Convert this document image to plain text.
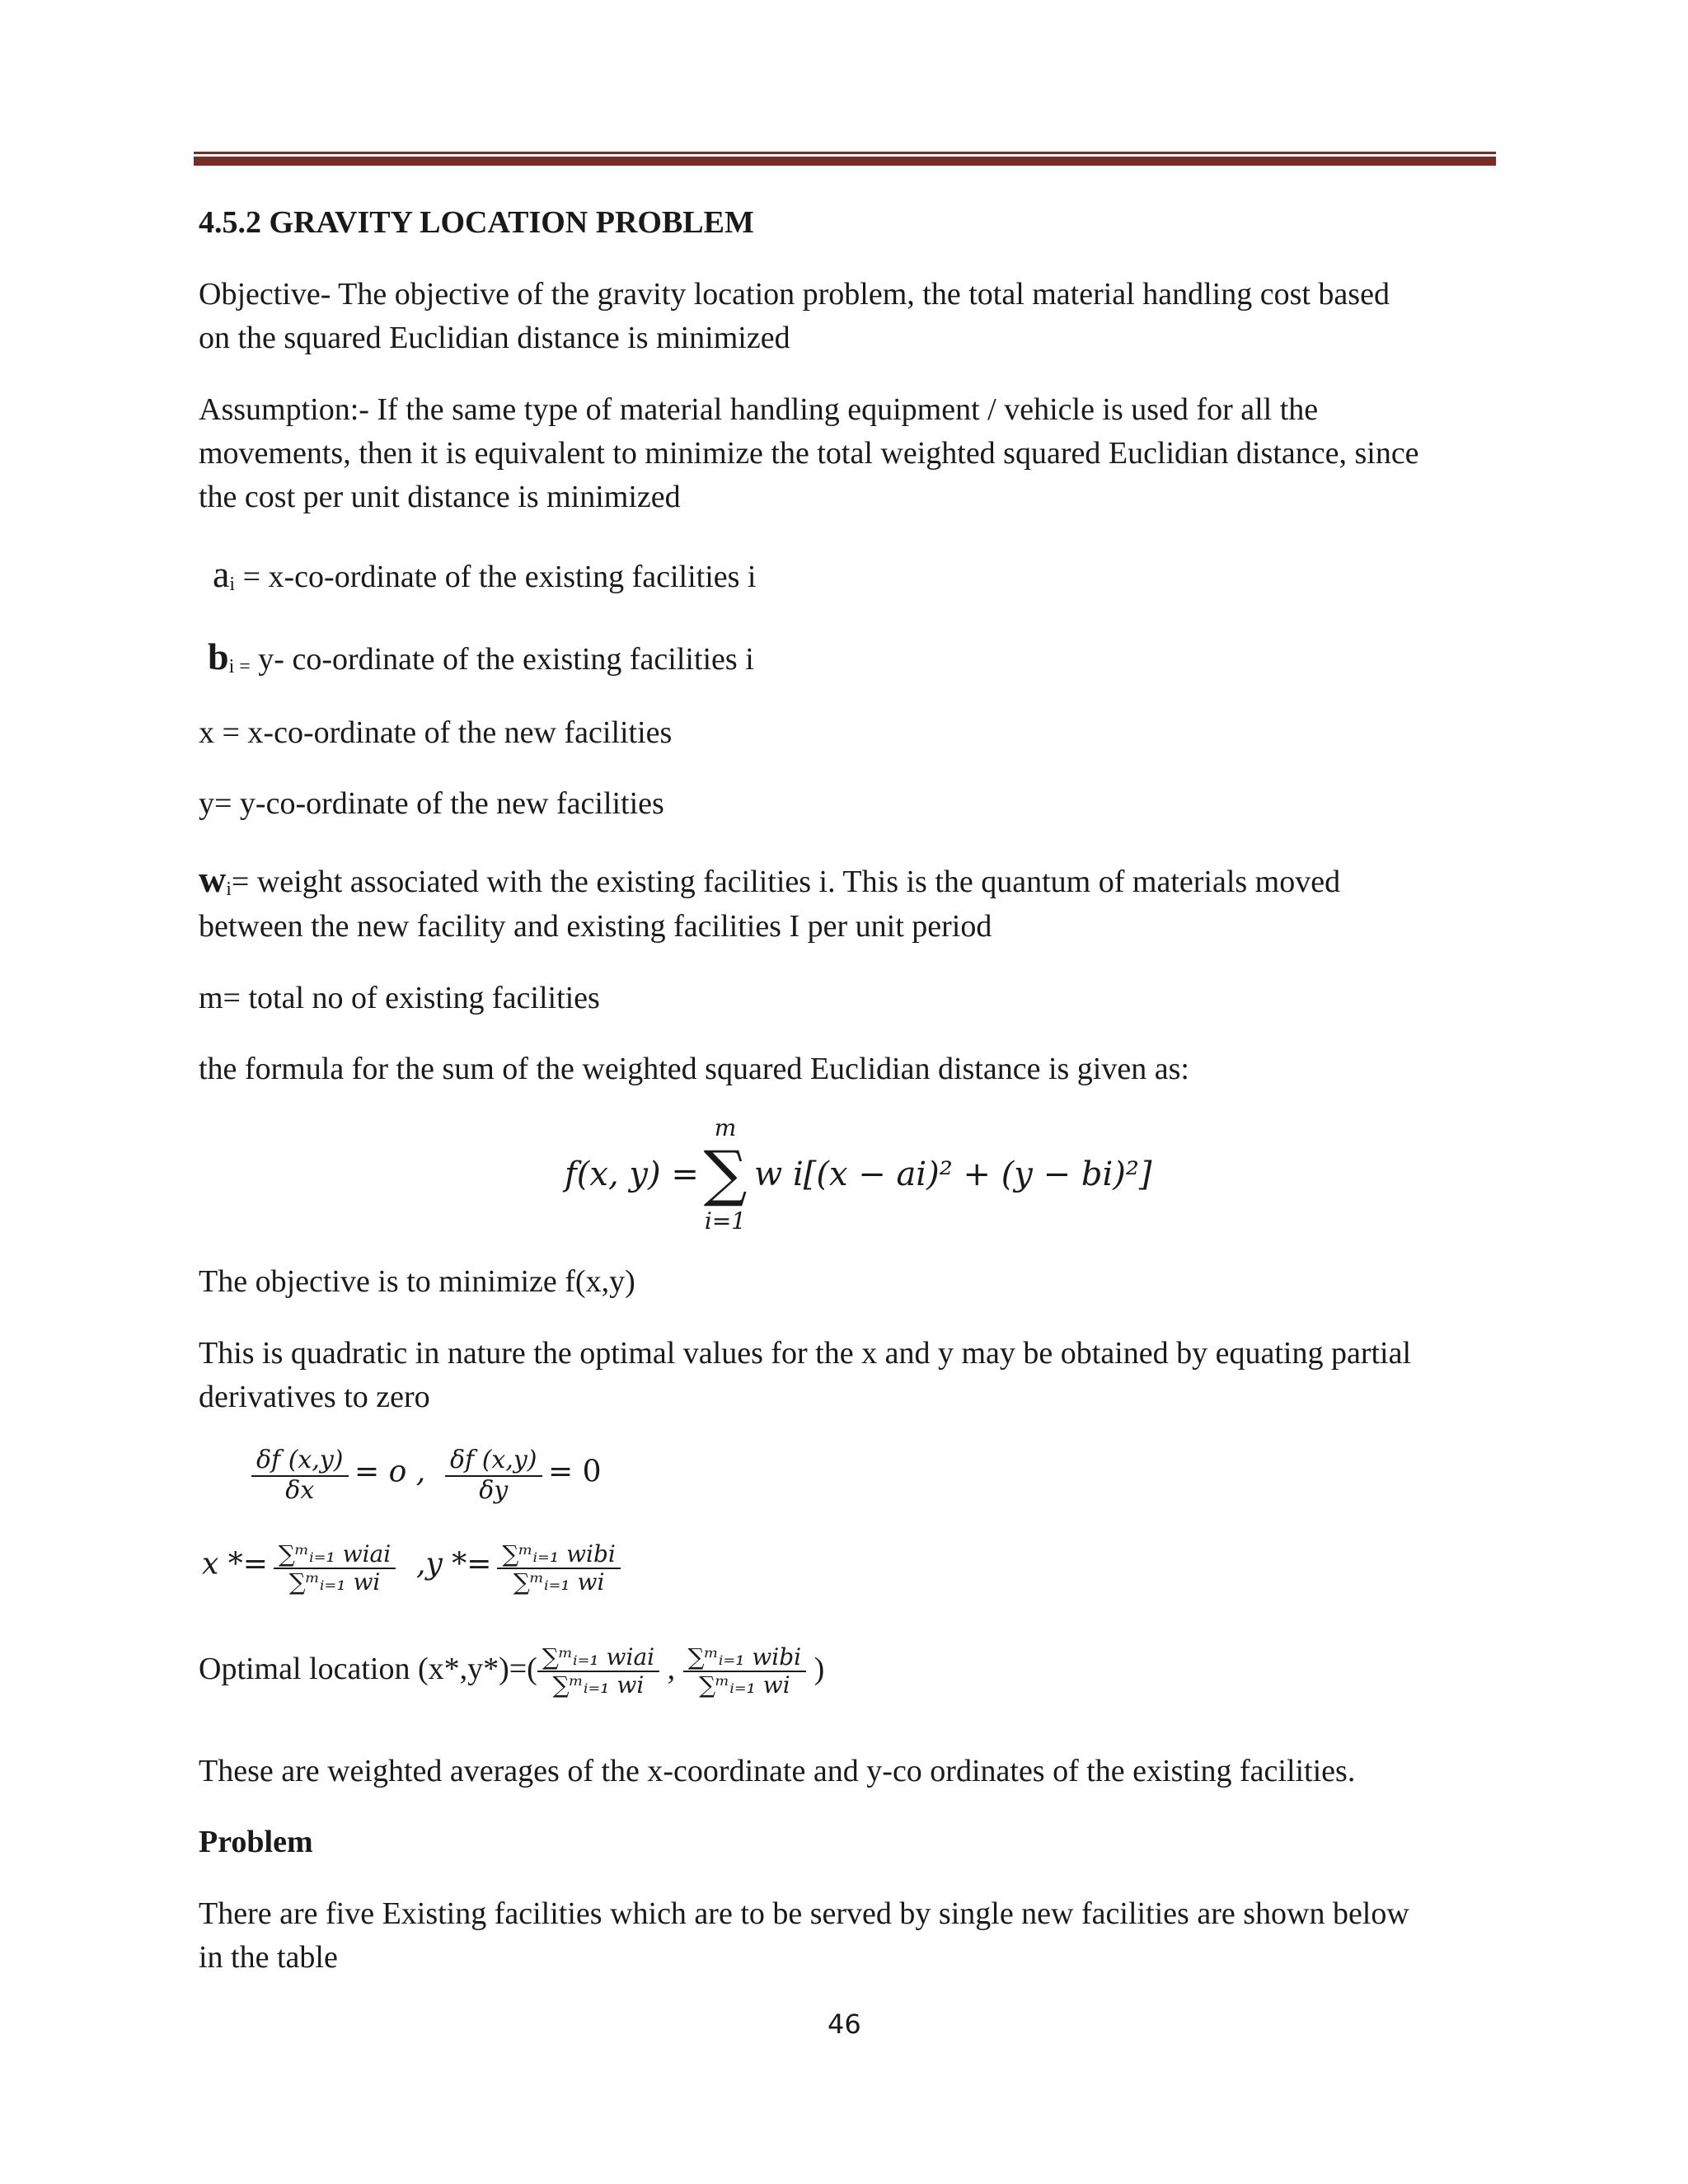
4.5.2 GRAVITY LOCATION PROBLEM
Objective- The objective of the gravity location problem, the total material handling cost based
on the squared Euclidian distance is minimized
Assumption:- If the same type of material handling equipment / vehicle is used for all the
movements, then it is equivalent to minimize the total weighted squared Euclidian distance, since
the cost per unit distance is minimized
ai = x-co-ordinate of the existing facilities i
bi = y- co-ordinate of the existing facilities i
x = x-co-ordinate of the new facilities
y= y-co-ordinate of the new facilities
wi= weight associated with the existing facilities i. This is the quantum of materials moved
between the new facility and existing facilities I per unit period
m= total no of existing facilities
the formula for the sum of the weighted squared Euclidian distance is given as:
f(x, y) =
m
∑
i=1
w i[(x − ai)² + (y − bi)²]
The objective is to minimize f(x,y)
This is quadratic in nature the optimal values for the x and y may be obtained by equating partial
derivatives to zero
$\frac{\delta f (x,y)}{\delta x} = o$ , $\frac{\delta f (x,y)}{\delta y} = 0$
$x *= \frac{\text{∑ᵐᵢ₌₁ wiai}}{\text{∑ᵐᵢ₌₁ wi}} ,y *= \frac{\text{∑ᵐᵢ₌₁ wibi}}{\text{∑ᵐᵢ₌₁ wi}}$
Optimal location $(x*,y*)=( \frac{\text{∑ᵐᵢ₌₁ wiai}}{\text{∑ᵐᵢ₌₁ wi}}$ , $\frac{\text{∑ᵐᵢ₌₁ wibi}}{\text{∑ᵐᵢ₌₁ wi}}$ )
These are weighted averages of the x-coordinate and y-co ordinates of the existing facilities.
Problem
There are five Existing facilities which are to be served by single new facilities are shown below
in the table
46
